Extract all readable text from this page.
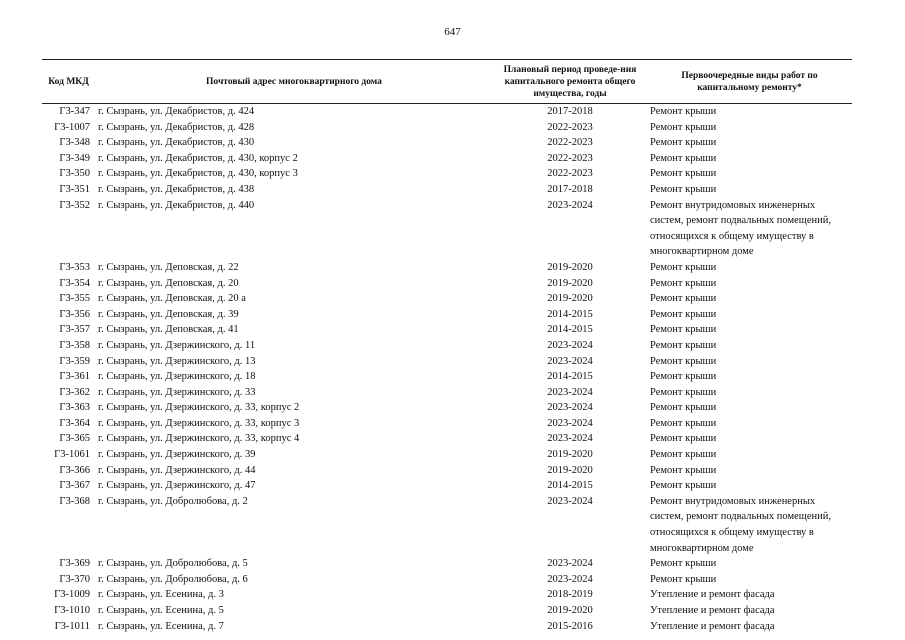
647
Код МКД	Почтовый адрес многоквартирного дома	Плановый период проведе-ния капитального ремонта общего имущества, годы	Первоочередные виды работ по капитальному ремонту*
Г3-347	г. Сызрань, ул. Декабристов, д. 424	2017-2018	Ремонт крыши
Г3-1007	г. Сызрань, ул. Декабристов, д. 428	2022-2023	Ремонт крыши
Г3-348	г. Сызрань, ул. Декабристов, д. 430	2022-2023	Ремонт крыши
Г3-349	г. Сызрань, ул. Декабристов, д. 430, корпус 2	2022-2023	Ремонт крыши
Г3-350	г. Сызрань, ул. Декабристов, д. 430, корпус 3	2022-2023	Ремонт крыши
Г3-351	г. Сызрань, ул. Декабристов, д. 438	2017-2018	Ремонт крыши
Г3-352	г. Сызрань, ул. Декабристов, д. 440	2023-2024	Ремонт внутридомовых инженерных систем, ремонт подвальных помещений, относящихся к общему имуществу в многоквартирном доме
Г3-353	г. Сызрань, ул. Деповская, д. 22	2019-2020	Ремонт крыши
Г3-354	г. Сызрань, ул. Деповская, д. 20	2019-2020	Ремонт крыши
Г3-355	г. Сызрань, ул. Деповская, д. 20 а	2019-2020	Ремонт крыши
Г3-356	г. Сызрань, ул. Деповская, д. 39	2014-2015	Ремонт крыши
Г3-357	г. Сызрань, ул. Деповская, д. 41	2014-2015	Ремонт крыши
Г3-358	г. Сызрань, ул. Дзержинского, д. 11	2023-2024	Ремонт крыши
Г3-359	г. Сызрань, ул. Дзержинского, д. 13	2023-2024	Ремонт крыши
Г3-361	г. Сызрань, ул. Дзержинского, д. 18	2014-2015	Ремонт крыши
Г3-362	г. Сызрань, ул. Дзержинского, д. 33	2023-2024	Ремонт крыши
Г3-363	г. Сызрань, ул. Дзержинского, д. 33, корпус 2	2023-2024	Ремонт крыши
Г3-364	г. Сызрань, ул. Дзержинского, д. 33, корпус 3	2023-2024	Ремонт крыши
Г3-365	г. Сызрань, ул. Дзержинского, д. 33, корпус 4	2023-2024	Ремонт крыши
Г3-1061	г. Сызрань, ул. Дзержинского, д. 39	2019-2020	Ремонт крыши
Г3-366	г. Сызрань, ул. Дзержинского, д. 44	2019-2020	Ремонт крыши
Г3-367	г. Сызрань, ул. Дзержинского, д. 47	2014-2015	Ремонт крыши
Г3-368	г. Сызрань, ул. Добролюбова, д. 2	2023-2024	Ремонт внутридомовых инженерных систем, ремонт подвальных помещений, относящихся к общему имуществу в многоквартирном доме
Г3-369	г. Сызрань, ул. Добролюбова, д. 5	2023-2024	Ремонт крыши
Г3-370	г. Сызрань, ул. Добролюбова, д. 6	2023-2024	Ремонт крыши
Г3-1009	г. Сызрань, ул. Есенина, д. 3	2018-2019	Утепление и ремонт фасада
Г3-1010	г. Сызрань, ул. Есенина, д. 5	2019-2020	Утепление и ремонт фасада
Г3-1011	г. Сызрань, ул. Есенина, д. 7	2015-2016	Утепление и ремонт фасада
